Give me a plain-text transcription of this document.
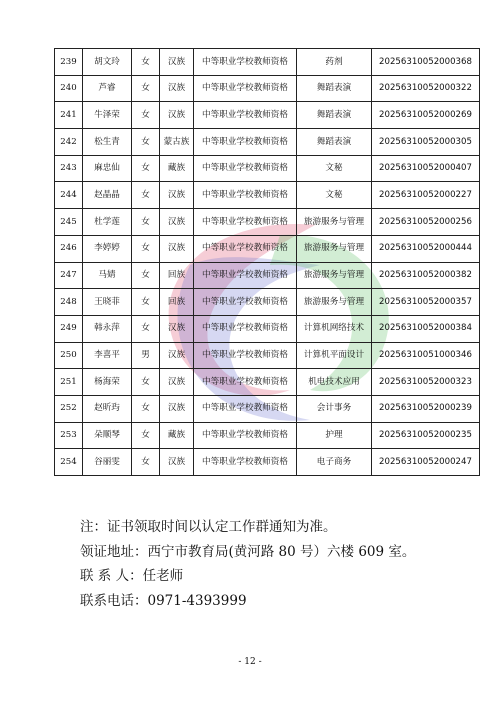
239	胡文玲	女	汉族	中等职业学校教师资格	药剂	20256310052000368
240	芦睿	女	汉族	中等职业学校教师资格	舞蹈表演	20256310052000322
241	牛泽荣	女	汉族	中等职业学校教师资格	舞蹈表演	20256310052000269
242	松生青	女	蒙古族	中等职业学校教师资格	舞蹈表演	20256310052000305
243	麻忠仙	女	藏族	中等职业学校教师资格	文秘	20256310052000407
244	赵晶晶	女	汉族	中等职业学校教师资格	文秘	20256310052000227
245	杜学莲	女	汉族	中等职业学校教师资格	旅游服务与管理	20256310052000256
246	李婷婷	女	汉族	中等职业学校教师资格	旅游服务与管理	20256310052000444
247	马婧	女	回族	中等职业学校教师资格	旅游服务与管理	20256310052000382
248	王晓菲	女	回族	中等职业学校教师资格	旅游服务与管理	20256310052000357
249	韩永萍	女	汉族	中等职业学校教师资格	计算机网络技术	20256310052000384
250	李喜平	男	汉族	中等职业学校教师资格	计算机平面设计	20256310051000346
251	杨海荣	女	汉族	中等职业学校教师资格	机电技术应用	20256310052000323
252	赵昕玙	女	汉族	中等职业学校教师资格	会计事务	20256310052000239
253	朵顺琴	女	藏族	中等职业学校教师资格	护理	20256310052000235
254	谷丽雯	女	汉族	中等职业学校教师资格	电子商务	20256310052000247
注：证书领取时间以认定工作群通知为准。
领证地址：西宁市教育局(黄河路 80 号）六楼 609 室。
联 系 人：任老师
联系电话：0971-4393999
- 12 -
